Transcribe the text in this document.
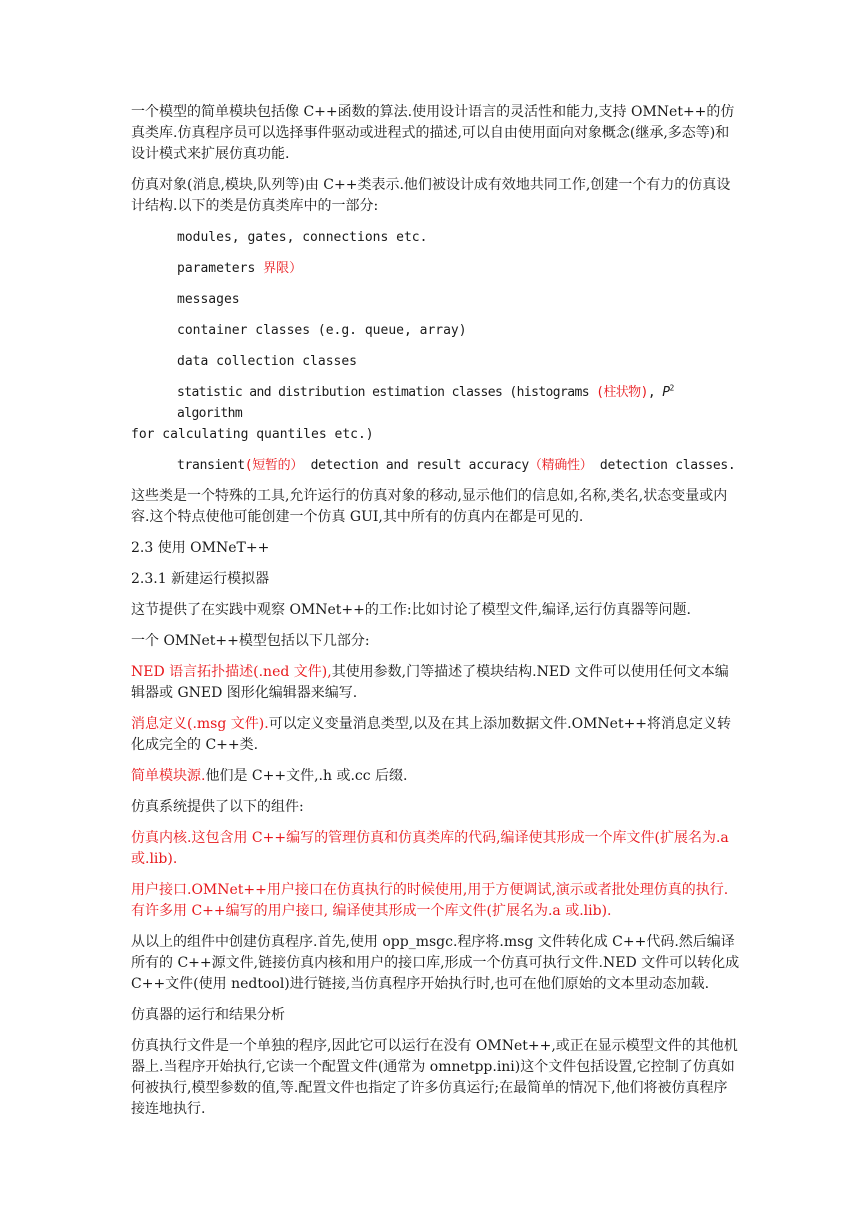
一个模型的简单模块包括像 C++函数的算法.使用设计语言的灵活性和能力,支持 OMNet++的仿真类库.仿真程序员可以选择事件驱动或进程式的描述,可以自由使用面向对象概念(继承,多态等)和设计模式来扩展仿真功能.

仿真对象(消息,模块,队列等)由 C++类表示.他们被设计成有效地共同工作,创建一个有力的仿真设计结构.以下的类是仿真类库中的一部分:

modules, gates, connections etc.

parameters 界限）

messages

container classes (e.g. queue, array)

data collection classes

statistic and distribution estimation classes (histograms (柱状物), $P^2$ algorithm

for calculating quantiles etc.)

transient(短暂的） detection and result accuracy（精确性） detection classes.

这些类是一个特殊的工具,允许运行的仿真对象的移动,显示他们的信息如,名称,类名,状态变量或内容.这个特点使他可能创建一个仿真 GUI,其中所有的仿真内在都是可见的.

2.3 使用 OMNeT++

2.3.1 新建运行模拟器

这节提供了在实践中观察 OMNet++的工作:比如讨论了模型文件,编译,运行仿真器等问题.

一个 OMNet++模型包括以下几部分:

NED 语言拓扑描述(.ned 文件),其使用参数,门等描述了模块结构.NED 文件可以使用任何文本编辑器或 GNED 图形化编辑器来编写.

消息定义(.msg 文件).可以定义变量消息类型,以及在其上添加数据文件.OMNet++将消息定义转化成完全的 C++类.

简单模块源.他们是 C++文件,.h 或.cc 后缀.

仿真系统提供了以下的组件:

仿真内核.这包含用 C++编写的管理仿真和仿真类库的代码,编译使其形成一个库文件(扩展名为.a 或.lib).

用户接口.OMNet++用户接口在仿真执行的时候使用,用于方便调试,演示或者批处理仿真的执行.有许多用 C++编写的用户接口, 编译使其形成一个库文件(扩展名为.a 或.lib).

从以上的组件中创建仿真程序.首先,使用 opp_msgc.程序将.msg 文件转化成 C++代码.然后编译所有的 C++源文件,链接仿真内核和用户的接口库,形成一个仿真可执行文件.NED 文件可以转化成 C++文件(使用 nedtool)进行链接,当仿真程序开始执行时,也可在他们原始的文本里动态加载.

仿真器的运行和结果分析

仿真执行文件是一个单独的程序,因此它可以运行在没有 OMNet++,或正在显示模型文件的其他机器上.当程序开始执行,它读一个配置文件(通常为 omnetpp.ini)这个文件包括设置,它控制了仿真如何被执行,模型参数的值,等.配置文件也指定了许多仿真运行;在最简单的情况下,他们将被仿真程序接连地执行.
